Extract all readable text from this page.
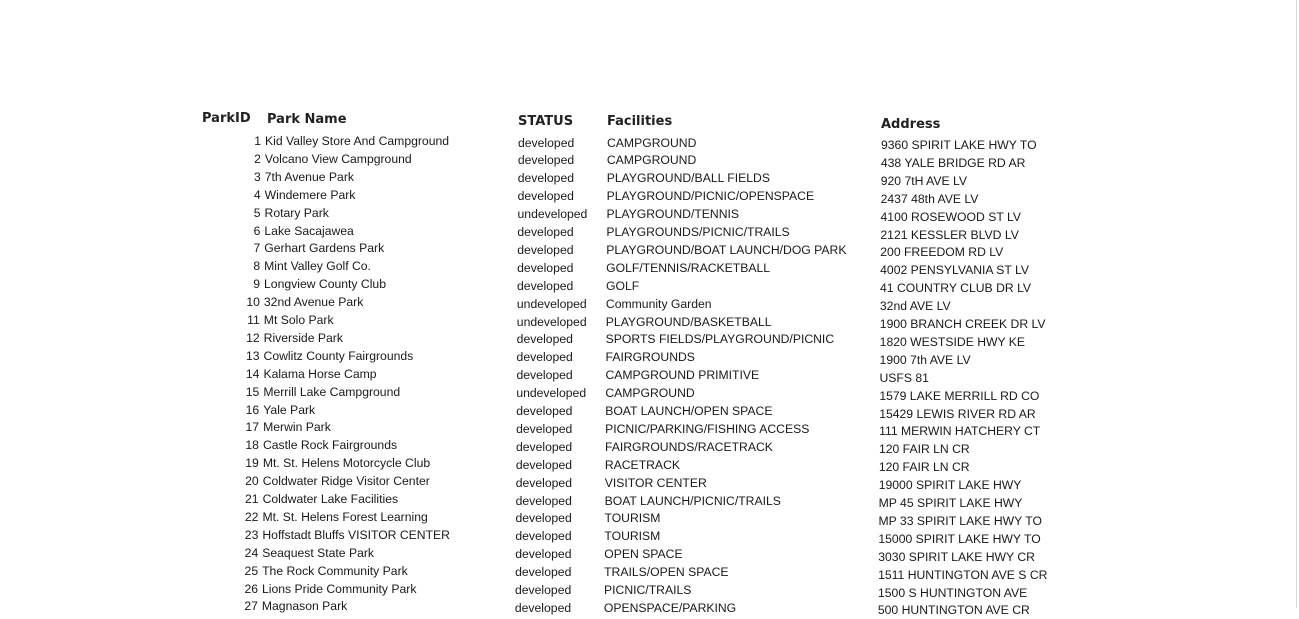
ParkID Park Name	STATUS	Facilities	Address
1 Kid Valley Store And Campground	developed	CAMPGROUND	9360 SPIRIT LAKE HWY TO
2 Volcano View Campground	developed	CAMPGROUND	438 YALE BRIDGE RD AR
3 7th Avenue Park	developed	PLAYGROUND/BALL FIELDS	920 7tH AVE LV
4 Windemere Park	developed	PLAYGROUND/PICNIC/OPENSPACE	2437 48th AVE LV
5 Rotary Park	undeveloped PLAYGROUND/TENNIS	4100 ROSEWOOD ST LV
6 Lake Sacajawea	developed	PLAYGROUNDS/PICNIC/TRAILS	2121 KESSLER BLVD LV
7 Gerhart Gardens Park	developed	PLAYGROUND/BOAT LAUNCH/DOG PARK	200 FREEDOM RD LV
8 Mint Valley Golf Co.	developed	GOLF/TENNIS/RACKETBALL	4002 PENSYLVANIA ST LV
9 Longview County Club	developed	GOLF	41 COUNTRY CLUB DR LV
10 32nd Avenue Park	undeveloped Community Garden	32nd AVE LV
11 Mt Solo Park	undeveloped PLAYGROUND/BASKETBALL	1900 BRANCH CREEK DR LV
12 Riverside Park	developed	SPORTS FIELDS/PLAYGROUND/PICNIC	1820 WESTSIDE HWY KE
13 Cowlitz County Fairgrounds	developed	FAIRGROUNDS	1900 7th AVE LV
14 Kalama Horse Camp	developed	CAMPGROUND PRIMITIVE	USFS 81
15 Merrill Lake Campground	undeveloped CAMPGROUND	1579 LAKE MERRILL RD CO
16 Yale Park	developed	BOAT LAUNCH/OPEN SPACE	15429 LEWIS RIVER RD AR
17 Merwin Park	developed	PICNIC/PARKING/FISHING ACCESS	111 MERWIN HATCHERY CT
18 Castle Rock Fairgrounds	developed	FAIRGROUNDS/RACETRACK	120 FAIR LN CR
19 Mt. St. Helens Motorcycle Club	developed	RACETRACK	120 FAIR LN CR
20 Coldwater Ridge Visitor Center	developed	VISITOR CENTER	19000 SPIRIT LAKE HWY
21 Coldwater Lake Facilities	developed	BOAT LAUNCH/PICNIC/TRAILS	MP 45 SPIRIT LAKE HWY
22 Mt. St. Helens Forest Learning	developed	TOURISM	MP 33 SPIRIT LAKE HWY TO
23 Hoffstadt Bluffs VISITOR CENTER	developed	TOURISM	15000 SPIRIT LAKE HWY TO
24 Seaquest State Park	developed	OPEN SPACE	3030 SPIRIT LAKE HWY CR
25 The Rock Community Park	developed	TRAILS/OPEN SPACE	1511 HUNTINGTON AVE S CR
26 Lions Pride Community Park	developed	PICNIC/TRAILS	1500 S HUNTINGTON AVE
27 Magnason Park	developed	OPENSPACE/PARKING	500 HUNTINGTON AVE CR
